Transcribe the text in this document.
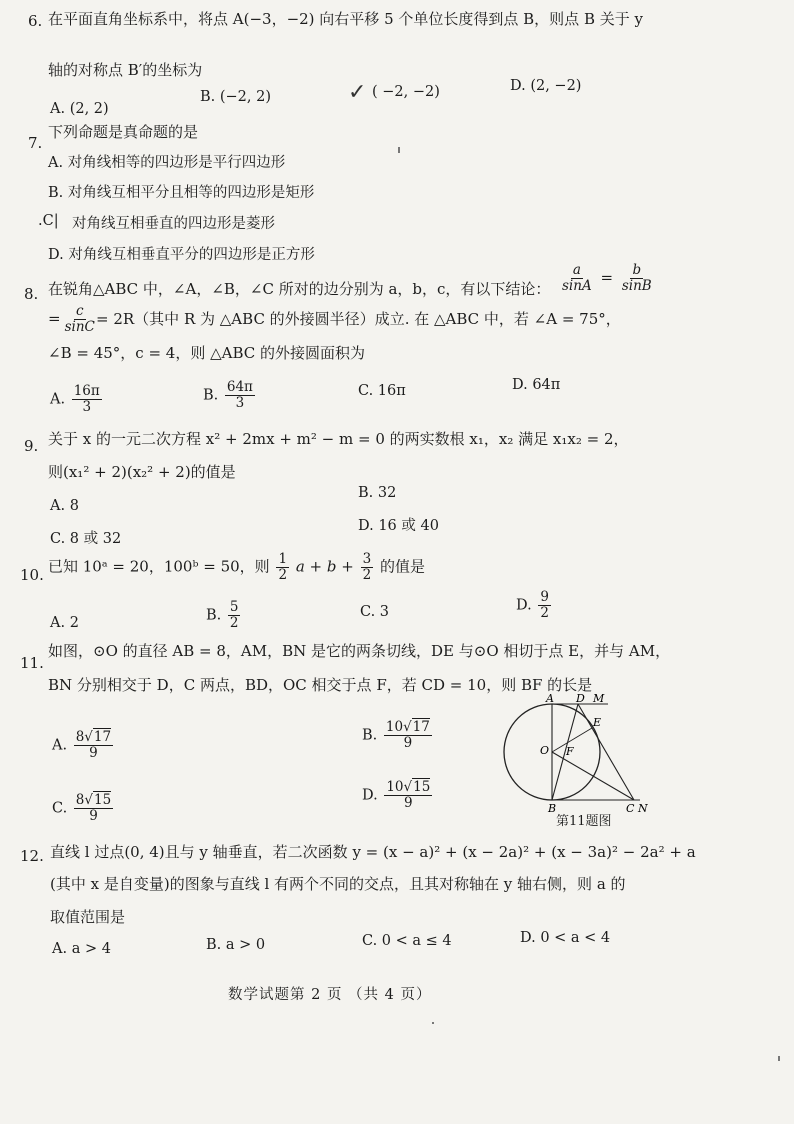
6. 在平面直角坐标系中，将点 A(−3，−2) 向右平移 5 个单位长度得到点 B，则点 B 关于 y
轴的对称点 B′的坐标为
A. (2, 2)
B. (−2, 2)	✓ ( −2, −2)	D. (2, −2)
7.
下列命题是真命题的是
A. 对角线相等的四边形是平行四边形
B. 对角线互相平分且相等的四边形是矩形
.C| 对角线互相垂直的四边形是菱形
D. 对角线互相垂直平分的四边形是正方形
8. 在锐角△ABC 中，∠A，∠B，∠C 所对的边分别为 a，b，c，有以下结论： $\frac{a}{\sin A} = \frac{b}{\sin B}$
= $\frac{c}{\sin C} = 2R$（其中 R 为 △ABC 的外接圆半径）成立. 在 △ABC 中，若 ∠A = 75°，
∠B = 45°，c = 4，则 △ABC 的外接圆面积为
A. $\frac{16\pi}{3}$	B. $\frac{64\pi}{3}$	C. 16π	D. 64π
9. 关于 x 的一元二次方程 x² + 2mx + m² − m = 0 的两实数根 x₁，x₂ 满足 x₁x₂ = 2，
则(x₁² + 2)(x₂² + 2)的值是
A. 8
B. 32
C. 8 或 32
D. 16 或 40
10. 已知 10ᵃ = 20，100ᵇ = 50，则 $\frac{1}{2}$ $a + b + \frac{3}{2}$ 的值是
A. 2	B. $\frac{5}{2}$	C. 3	D. $\frac{9}{2}$
11.
如图，⊙O 的直径 AB = 8，AM，BN 是它的两条切线，DE 与⊙O 相切于点 E，并与 AM，
BN 分别相交于 D，C 两点，BD，OC 相交于点 F，若 CD = 10，则 BF 的长是
A. $\frac{8√17}{9}$	B. $\frac{10√17}{9}$
C. $\frac{8√15}{9}$	D. $\frac{10√15}{9}$
A D M
E
O F
B	C N
第11题图
12. 直线 l 过点(0, 4)且与 y 轴垂直，若二次函数 y = (x − a)² + (x − 2a)² + (x − 3a)² − 2a² + a
(其中 x 是自变量)的图象与直线 l 有两个不同的交点，且其对称轴在 y 轴右侧，则 a 的
取值范围是
A. a > 4	B. a > 0	C. 0 < a ≤ 4	D. 0 < a < 4
数学试题第 2 页 （共 4 页）
